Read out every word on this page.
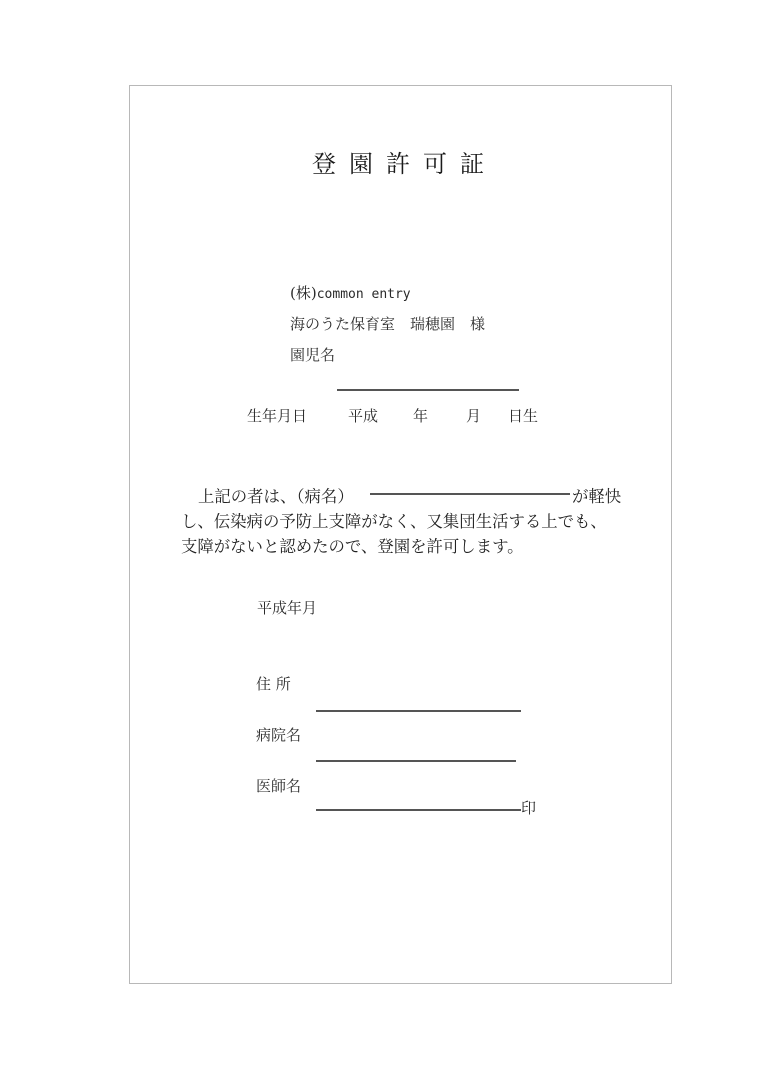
登園許可証
(株)common entry
海のうた保育室　瑞穂園　様
園児名
生年月日	平成 年	月 日生
上記の者は、（病名）	が軽快
し、伝染病の予防上支障がなく、又集団生活する上でも、
支障がないと認めたので、登園を許可します。
平成年月
住 所
病院名
医師名
印
